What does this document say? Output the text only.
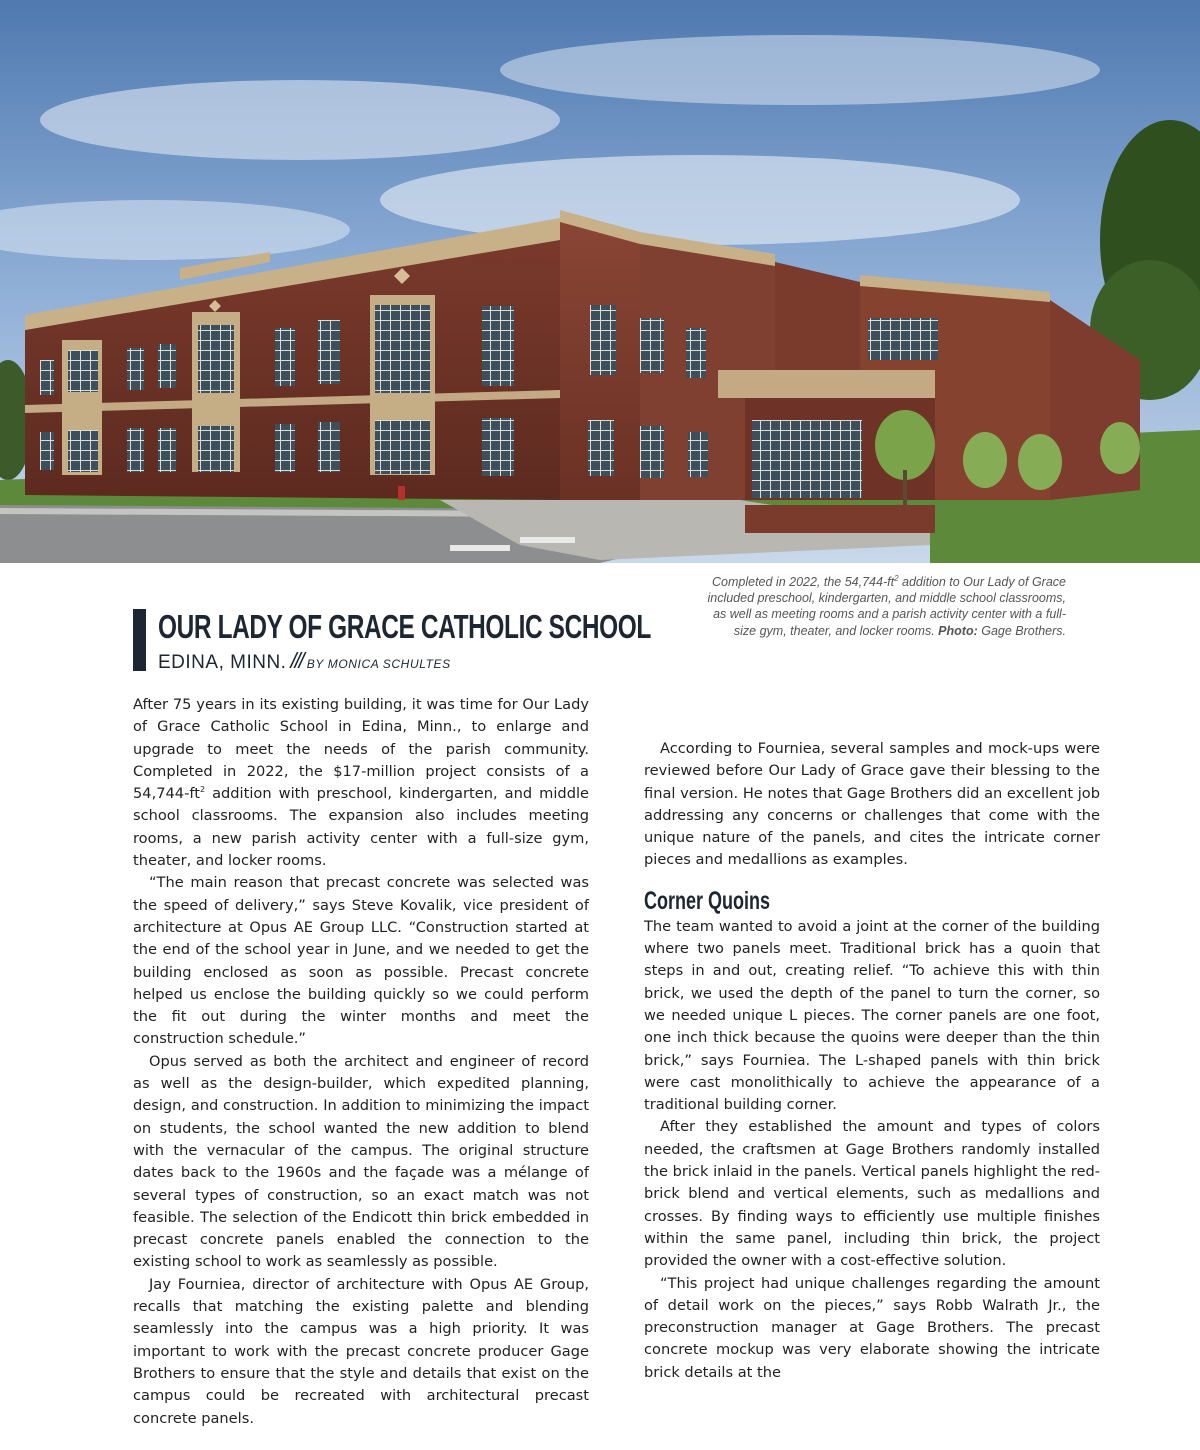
Completed in 2022, the $54,744-ft^2$ addition to Our Lady of Grace included preschool, kindergarten, and middle school classrooms, as well as meeting rooms and a parish activity center with a full-size gym, theater, and locker rooms. Photo: Gage Brothers.
OUR LADY OF GRACE CATHOLIC SCHOOL
EDINA, MINN. /// BY MONICA SCHULTES

After 75 years in its existing building, it was time for Our Lady of Grace Catholic School in Edina, Minn., to enlarge and upgrade to meet the needs of the parish community. Completed in 2022, the $17-million project consists of a $54,744-ft^2$ addition with preschool, kindergarten, and middle school classrooms. The expansion also includes meeting rooms, a new parish activity center with a full-size gym, theater, and locker rooms.

“The main reason that precast concrete was selected was the speed of delivery,” says Steve Kovalik, vice president of architecture at Opus AE Group LLC. “Construction started at the end of the school year in June, and we needed to get the building enclosed as soon as possible. Precast concrete helped us enclose the building quickly so we could perform the fit out during the winter months and meet the construction schedule.”

Opus served as both the architect and engineer of record as well as the design-builder, which expedited planning, design, and construction. In addition to minimizing the impact on students, the school wanted the new addition to blend with the vernacular of the campus. The original structure dates back to the 1960s and the façade was a mélange of several types of construction, so an exact match was not feasible. The selection of the Endicott thin brick embedded in precast concrete panels enabled the connection to the existing school to work as seamlessly as possible.

Jay Fourniea, director of architecture with Opus AE Group, recalls that matching the existing palette and blending seamlessly into the campus was a high priority. It was important to work with the precast concrete producer Gage Brothers to ensure that the style and details that exist on the campus could be recreated with architectural precast concrete panels.

According to Fourniea, several samples and mock-ups were reviewed before Our Lady of Grace gave their blessing to the final version. He notes that Gage Brothers did an excellent job addressing any concerns or challenges that come with the unique nature of the panels, and cites the intricate corner pieces and medallions as examples.

Corner Quoins

The team wanted to avoid a joint at the corner of the building where two panels meet. Traditional brick has a quoin that steps in and out, creating relief. “To achieve this with thin brick, we used the depth of the panel to turn the corner, so we needed unique L pieces. The corner panels are one foot, one inch thick because the quoins were deeper than the thin brick,” says Fourniea. The L-shaped panels with thin brick were cast monolithically to achieve the appearance of a traditional building corner.

After they established the amount and types of colors needed, the craftsmen at Gage Brothers randomly installed the brick inlaid in the panels. Vertical panels highlight the red-brick blend and vertical elements, such as medallions and crosses. By finding ways to efficiently use multiple finishes within the same panel, including thin brick, the project provided the owner with a cost-effective solution.

“This project had unique challenges regarding the amount of detail work on the pieces,” says Robb Walrath Jr., the preconstruction manager at Gage Brothers. The precast concrete mockup was very elaborate showing the intricate brick details at the
